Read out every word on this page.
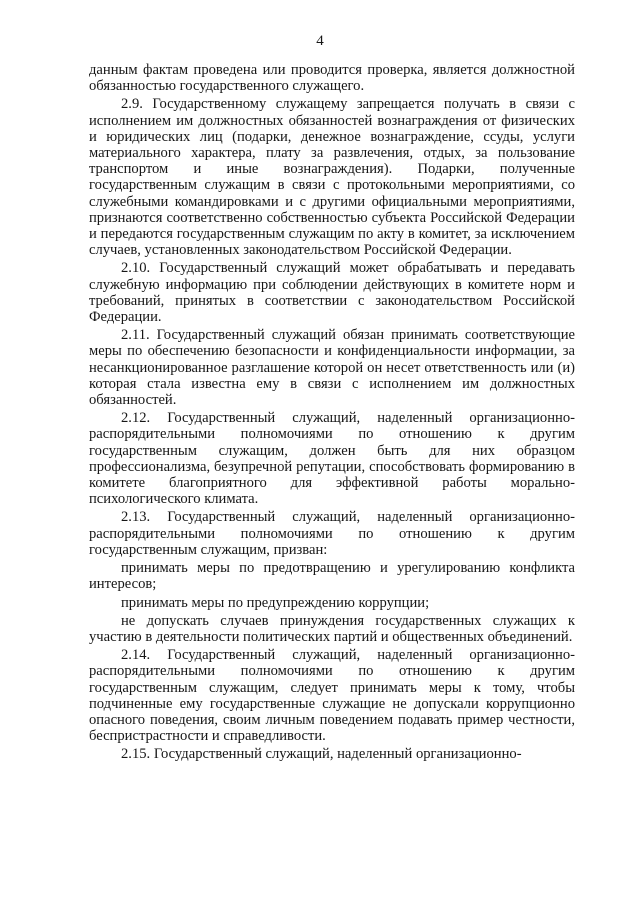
4

данным фактам проведена или проводится проверка, является должностной обязанностью государственного служащего.

2.9. Государственному служащему запрещается получать в связи с исполнением им должностных обязанностей вознаграждения от физических и юридических лиц (подарки, денежное вознаграждение, ссуды, услуги материального характера, плату за развлечения, отдых, за пользование транспортом и иные вознаграждения). Подарки, полученные государственным служащим в связи с протокольными мероприятиями, со служебными командировками и с другими официальными мероприятиями, признаются соответственно собственностью субъекта Российской Федерации и передаются государственным служащим по акту в комитет, за исключением случаев, установленных законодательством Российской Федерации.

2.10. Государственный служащий может обрабатывать и передавать служебную информацию при соблюдении действующих в комитете норм и требований, принятых в соответствии с законодательством Российской Федерации.

2.11. Государственный служащий обязан принимать соответствующие меры по обеспечению безопасности и конфиденциальности информации, за несанкционированное разглашение которой он несет ответственность или (и) которая стала известна ему в связи с исполнением им должностных обязанностей.

2.12. Государственный служащий, наделенный организационно-распорядительными полномочиями по отношению к другим государственным служащим, должен быть для них образцом профессионализма, безупречной репутации, способствовать формированию в комитете благоприятного для эффективной работы морально-психологического климата.

2.13. Государственный служащий, наделенный организационно-распорядительными полномочиями по отношению к другим государственным служащим, призван:

принимать меры по предотвращению и урегулированию конфликта интересов;

принимать меры по предупреждению коррупции;

не допускать случаев принуждения государственных служащих к участию в деятельности политических партий и общественных объединений.

2.14. Государственный служащий, наделенный организационно-распорядительными полномочиями по отношению к другим государственным служащим, следует принимать меры к тому, чтобы подчиненные ему государственные служащие не допускали коррупционно опасного поведения, своим личным поведением подавать пример честности, беспристрастности и справедливости.

2.15. Государственный служащий, наделенный организационно-
